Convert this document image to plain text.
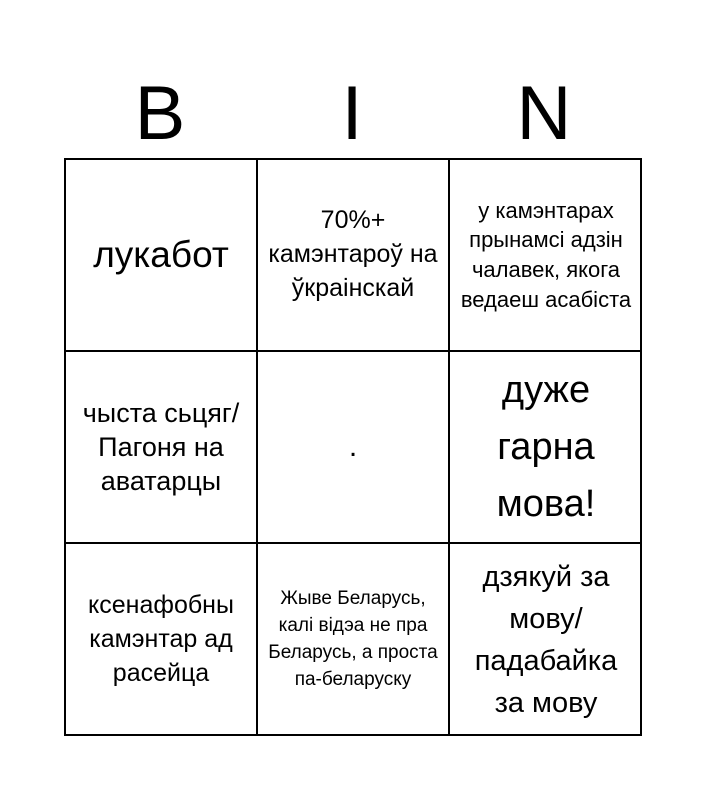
B	I	N
лукабот
70%+ камэнтароў на ўкраінскай
у камэнтарах прынамсі адзін чалавек, якога ведаеш асабіста
чыста сьцяг/ Пагоня на аватарцы
.
дуже гарна мова!
ксенафобны камэнтар ад расейца
Жыве Беларусь, калі відэа не пра Беларусь, а проста па-беларуску
дзякуй за мову/ падабайка за мову
